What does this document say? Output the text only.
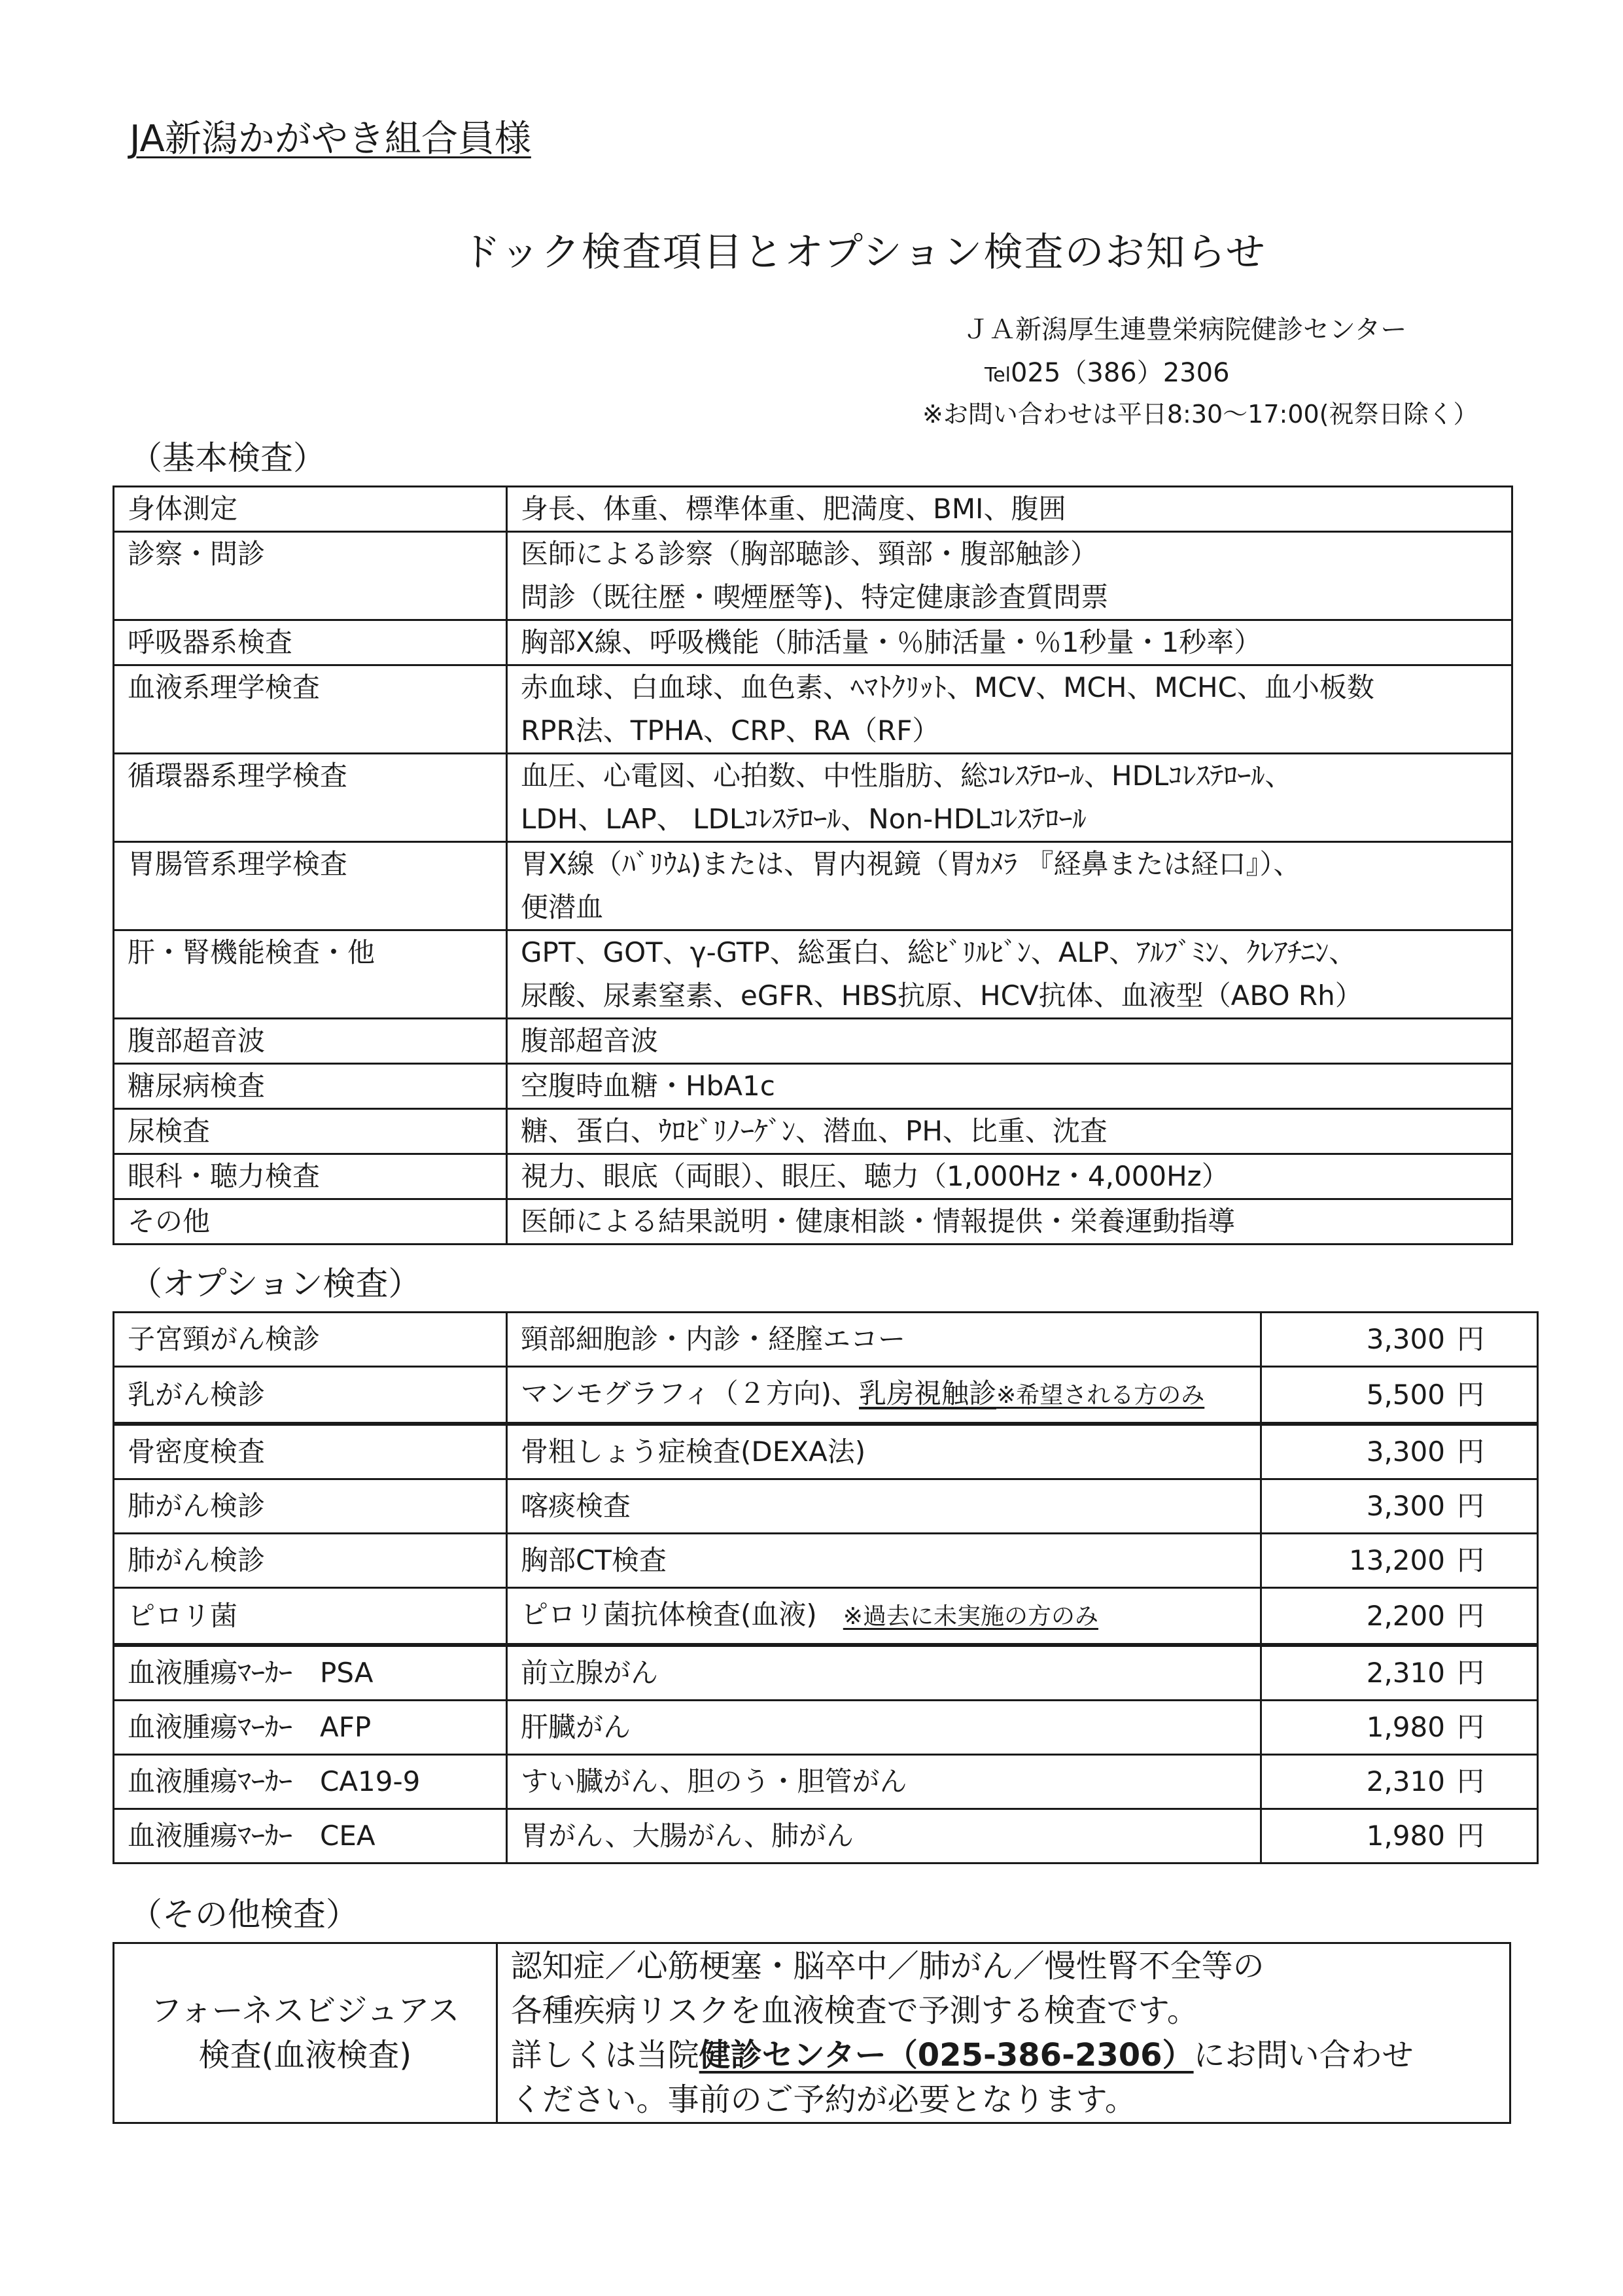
JA新潟かがやき組合員様
ドック検査項目とオプション検査のお知らせ
ＪＡ新潟厚生連豊栄病院健診センター
Tel025（386）2306
※お問い合わせは平日8:30～17:00(祝祭日除く）
（基本検査）
身体測定	身長、体重、標準体重、肥満度、BMI、腹囲

診察・問診	医師による診察（胸部聴診、頸部・腹部触診）
問診（既往歴・喫煙歴等)、特定健康診査質問票

呼吸器系検査	胸部X線、呼吸機能（肺活量・％肺活量・％1秒量・1秒率）

血液系理学検査	赤血球、白血球、血色素、ﾍﾏﾄｸﾘｯﾄ、MCV、MCH、MCHC、血小板数
RPR法、TPHA、CRP、RA（RF）

循環器系理学検査	血圧、心電図、心拍数、中性脂肪、総ｺﾚｽﾃﾛｰﾙ、HDLｺﾚｽﾃﾛｰﾙ、
LDH、LAP、 LDLｺﾚｽﾃﾛｰﾙ、Non-HDLｺﾚｽﾃﾛｰﾙ

胃腸管系理学検査	胃X線（ﾊﾞﾘｳﾑ)または、胃内視鏡（胃ｶﾒﾗ 『経鼻または経口』）、
便潜血

肝・腎機能検査・他	GPT、GOT、γ-GTP、総蛋白、総ﾋﾞﾘﾙﾋﾞﾝ、ALP、ｱﾙﾌﾞﾐﾝ、ｸﾚｱﾁﾆﾝ、
尿酸、尿素窒素、eGFR、HBS抗原、HCV抗体、血液型（ABO Rh）

腹部超音波	腹部超音波

糖尿病検査	空腹時血糖・HbA1c

尿検査	糖、蛋白、ｳﾛﾋﾞﾘﾉｰｹﾞﾝ、潜血、PH、比重、沈査

眼科・聴力検査	視力、眼底（両眼）、眼圧、聴力（1,000Hz・4,000Hz）

その他	医師による結果説明・健康相談・情報提供・栄養運動指導
（オプション検査）
子宮頸がん検診	頸部細胞診・内診・経膣エコー	3,300 円
乳がん検診	マンモグラフィ（２方向)、乳房視触診※希望される方のみ	5,500 円
骨密度検査	骨粗しょう症検査(DEXA法)	3,300 円
肺がん検診	喀痰検査	3,300 円
肺がん検診	胸部CT検査	13,200 円
ピロリ菌	ピロリ菌抗体検査(血液) ※過去に未実施の方のみ	2,200 円
血液腫瘍ﾏｰｶｰ　PSA	前立腺がん	2,310 円
血液腫瘍ﾏｰｶｰ　AFP	肝臓がん	1,980 円
血液腫瘍ﾏｰｶｰ　CA19-9	すい臓がん、胆のう・胆管がん	2,310 円
血液腫瘍ﾏｰｶｰ　CEA	胃がん、大腸がん、肺がん	1,980 円
（その他検査）
フォーネスビジュアス
検査(血液検査)

認知症／心筋梗塞・脳卒中／肺がん／慢性腎不全等の
各種疾病リスクを血液検査で予測する検査です。
詳しくは当院健診センター（025-386-2306）にお問い合わせ
ください。事前のご予約が必要となります。
